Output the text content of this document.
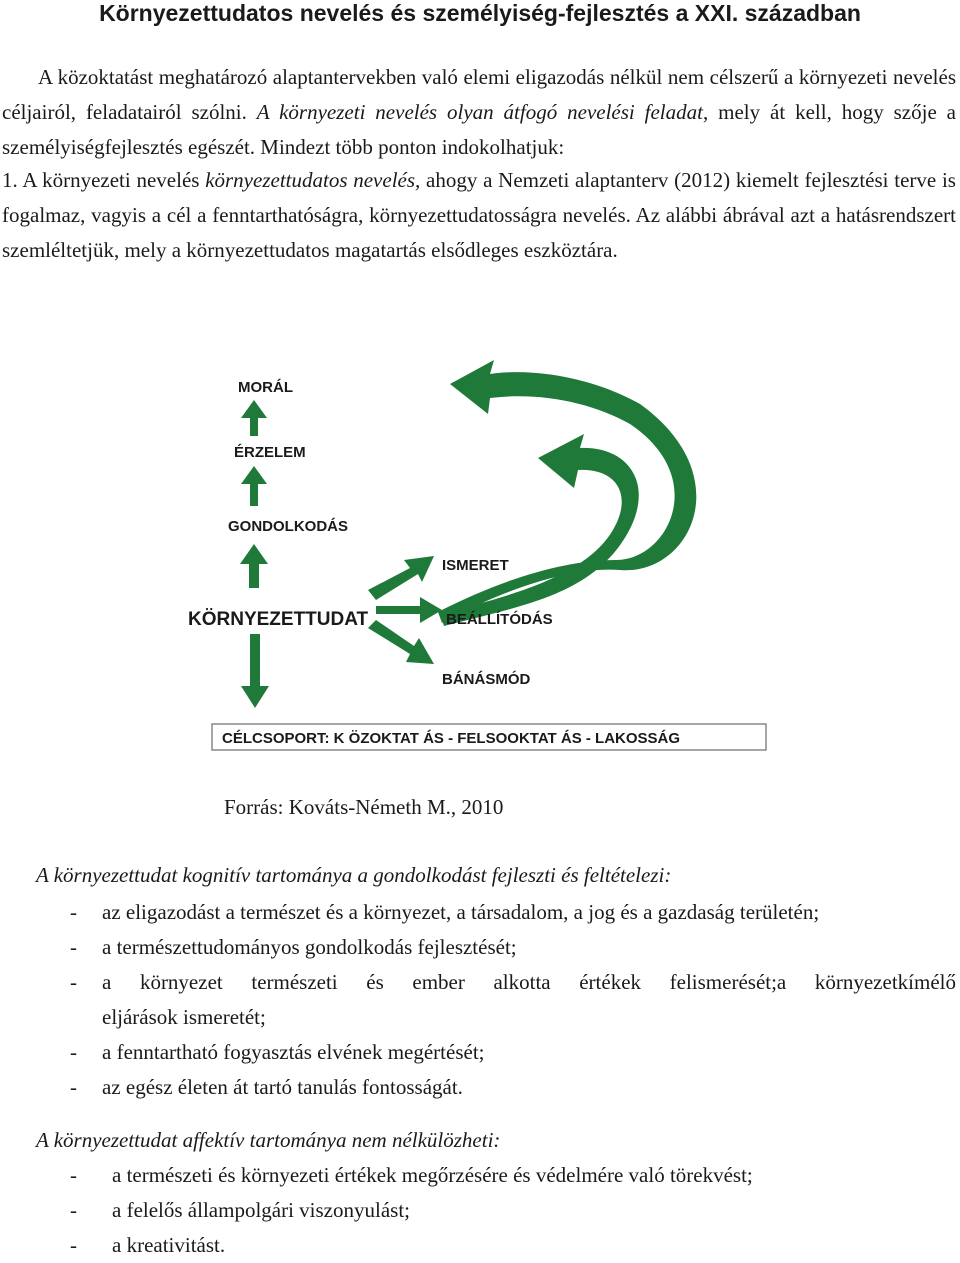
Környezettudatos nevelés és személyiség-fejlesztés a XXI. században

A közoktatást meghatározó alaptantervekben való elemi eligazodás nélkül nem célszerű a környezeti nevelés céljairól, feladatairól szólni. A környezeti nevelés olyan átfogó nevelési feladat, mely át kell, hogy szője a személyiségfejlesztés egészét. Mindezt több ponton indokolhatjuk:

1. A környezeti nevelés környezettudatos nevelés, ahogy a Nemzeti alaptanterv (2012) kiemelt fejlesztési terve is fogalmaz, vagyis a cél a fenntarthatóságra, környezettudatosságra nevelés. Az alábbi ábrával azt a hatásrendszert szemléltetjük, mely a környezettudatos magatartás elsődleges eszköztára.

MORÁL
ÉRZELEM
GONDOLKODÁS
KÖRNYEZETTUDAT
ISMERET
BEÁLLÍTÓDÁS
BÁNÁSMÓD
CÉLCSOPORT: K ÖZOKTAT ÁS - FELSOOKTAT ÁS - LAKOSSÁG

Forrás: Kováts-Németh M., 2010

A környezettudat kognitív tartománya a gondolkodást fejleszti és feltételezi:

- az eligazodást a természet és a környezet, a társadalom, a jog és a gazdaság területén;
- a természettudományos gondolkodás fejlesztését;
- a környezet természeti és ember alkotta értékek felismerését;a környezetkímélő
eljárások ismeretét;
- a fenntartható fogyasztás elvének megértését;
- az egész életen át tartó tanulás fontosságát.

A környezettudat affektív tartománya nem nélkülözheti:

- a természeti és környezeti értékek megőrzésére és védelmére való törekvést;
- a felelős állampolgári viszonyulást;
- a kreativitást.
